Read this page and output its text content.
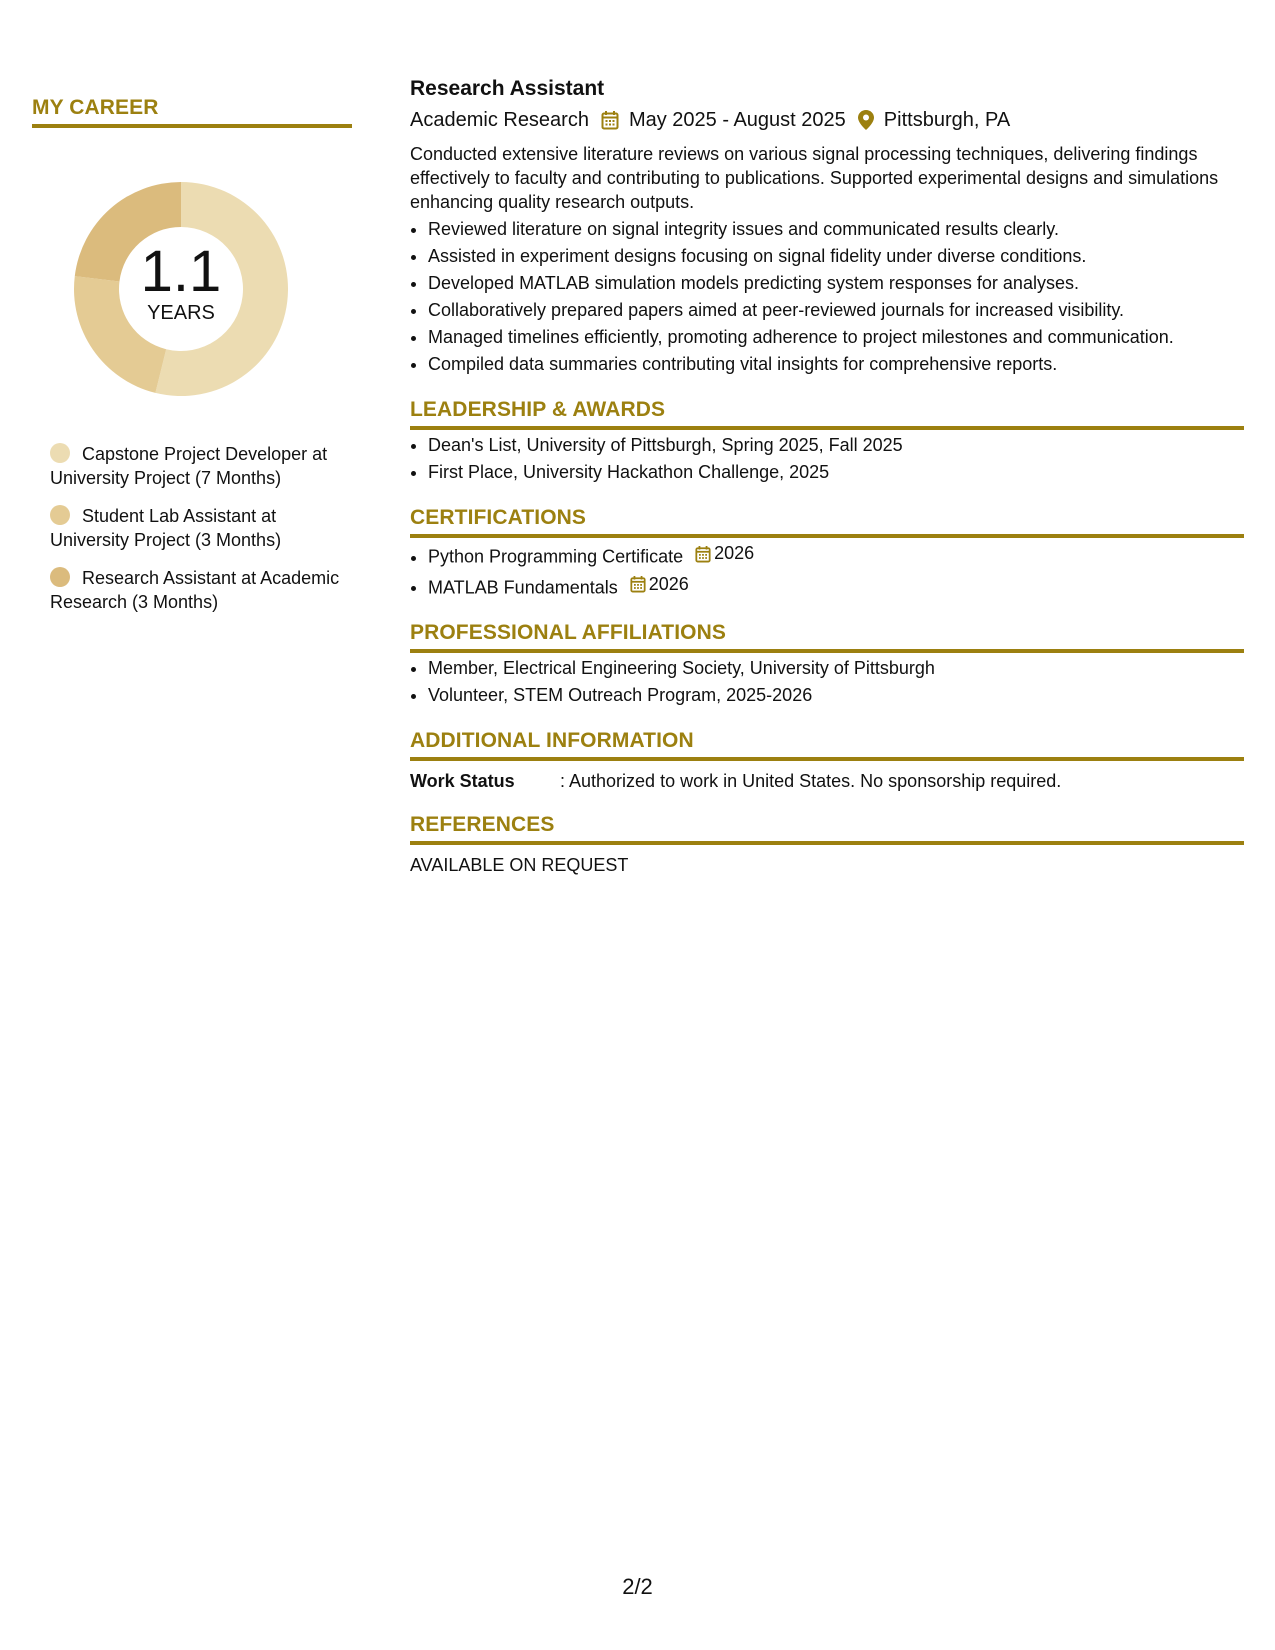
MY CAREER
1.1
YEARS
Capstone Project Developer at University Project (7 Months)
Student Lab Assistant at University Project (3 Months)
Research Assistant at Academic Research (3 Months)
Research Assistant
Academic Research May 2025 - August 2025 Pittsburgh, PA
Conducted extensive literature reviews on various signal processing techniques, delivering findings effectively to faculty and contributing to publications. Supported experimental designs and simulations enhancing quality research outputs.
• Reviewed literature on signal integrity issues and communicated results clearly.
• Assisted in experiment designs focusing on signal fidelity under diverse conditions.
• Developed MATLAB simulation models predicting system responses for analyses.
• Collaboratively prepared papers aimed at peer-reviewed journals for increased visibility.
• Managed timelines efficiently, promoting adherence to project milestones and communication.
• Compiled data summaries contributing vital insights for comprehensive reports.
LEADERSHIP & AWARDS
• Dean's List, University of Pittsburgh, Spring 2025, Fall 2025
• First Place, University Hackathon Challenge, 2025
CERTIFICATIONS
• Python Programming Certificate 2026
• MATLAB Fundamentals 2026
PROFESSIONAL AFFILIATIONS
• Member, Electrical Engineering Society, University of Pittsburgh
• Volunteer, STEM Outreach Program, 2025-2026
ADDITIONAL INFORMATION
Work Status	: Authorized to work in United States. No sponsorship required.
REFERENCES
AVAILABLE ON REQUEST
2/2
